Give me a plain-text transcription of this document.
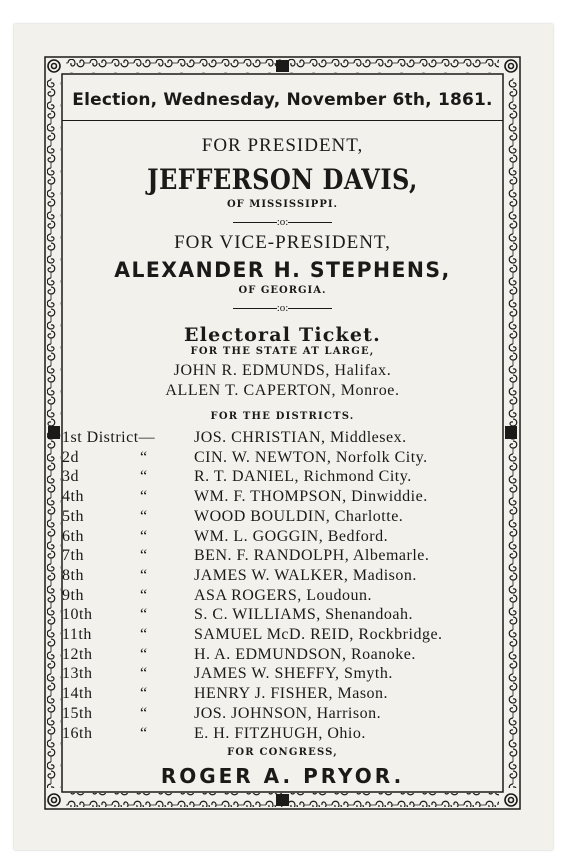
Election, Wednesday, November 6th, 1861.
FOR PRESIDENT,
JEFFERSON DAVIS,
OF MISSISSIPPI.
:o:
FOR VICE-PRESIDENT,
ALEXANDER H. STEPHENS,
OF GEORGIA.
:o:
Electoral Ticket.
FOR THE STATE AT LARGE,
JOHN R. EDMUNDS, Halifax.
ALLEN T. CAPERTON, Monroe.
FOR THE DISTRICTS.
1st District—		JOS. CHRISTIAN, Middlesex.
2d	“	CIN. W. NEWTON, Norfolk City.
3d	“	R. T. DANIEL, Richmond City.
4th	“	WM. F. THOMPSON, Dinwiddie.
5th	“	WOOD BOULDIN, Charlotte.
6th	“	WM. L. GOGGIN, Bedford.
7th	“	BEN. F. RANDOLPH, Albemarle.
8th	“	JAMES W. WALKER, Madison.
9th	“	ASA ROGERS, Loudoun.
10th	“	S. C. WILLIAMS, Shenandoah.
11th	“	SAMUEL McD. REID, Rockbridge.
12th	“	H. A. EDMUNDSON, Roanoke.
13th	“	JAMES W. SHEFFY, Smyth.
14th	“	HENRY J. FISHER, Mason.
15th	“	JOS. JOHNSON, Harrison.
16th	“	E. H. FITZHUGH, Ohio.
FOR CONGRESS,
ROGER A. PRYOR.
